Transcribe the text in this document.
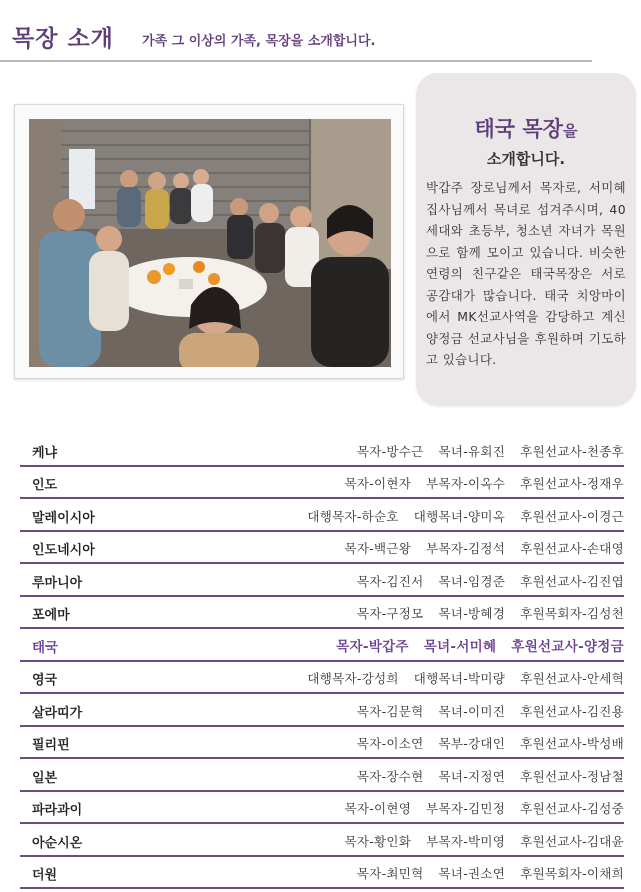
목장 소개 가족 그 이상의 가족, 목장을 소개합니다.
태국 목장을
소개합니다.
박갑주 장로님께서 목자로, 서미혜 집사님께서 목녀로 섬겨주시며, 40세대와 초등부, 청소년 자녀가 목원으로 함께 모이고 있습니다. 비슷한 연령의 친구같은 태국목장은 서로 공감대가 많습니다. 태국 치앙마이에서 MK선교사역을 감당하고 계신 양정금 선교사님을 후원하며 기도하고 있습니다.
케냐	목자-방수근 목녀-유회진 후원선교사-천종후
인도	목자-이현자 부목자-이옥수 후원선교사-정재우
말레이시아	대행목자-하순호 대행목녀-양미옥 후원선교사-이경근
인도네시아	목자-백근왕 부목자-김정석 후원선교사-손대영
루마니아	목자-김진서 목녀-임경준 후원선교사-김진엽
포에마	목자-구정모 목녀-방혜경 후원목회자-김성천
태국	목자-박갑주 목녀-서미혜 후원선교사-양정금
영국	대행목자-강성희 대행목녀-박미량 후원선교사-안세혁
살라띠가	목자-김문혁 목녀-이미진 후원선교사-김진용
필리핀	목자-이소연 목부-강대인 후원선교사-박성배
일본	목자-장수현 목녀-지정연 후원선교사-정남철
파라과이	목자-이현영 부목자-김민정 후원선교사-김성중
아순시온	목자-황인화 부목자-박미영 후원선교사-김대윤
더원	목자-최민혁 목녀-권소연 후원목회자-이채희
